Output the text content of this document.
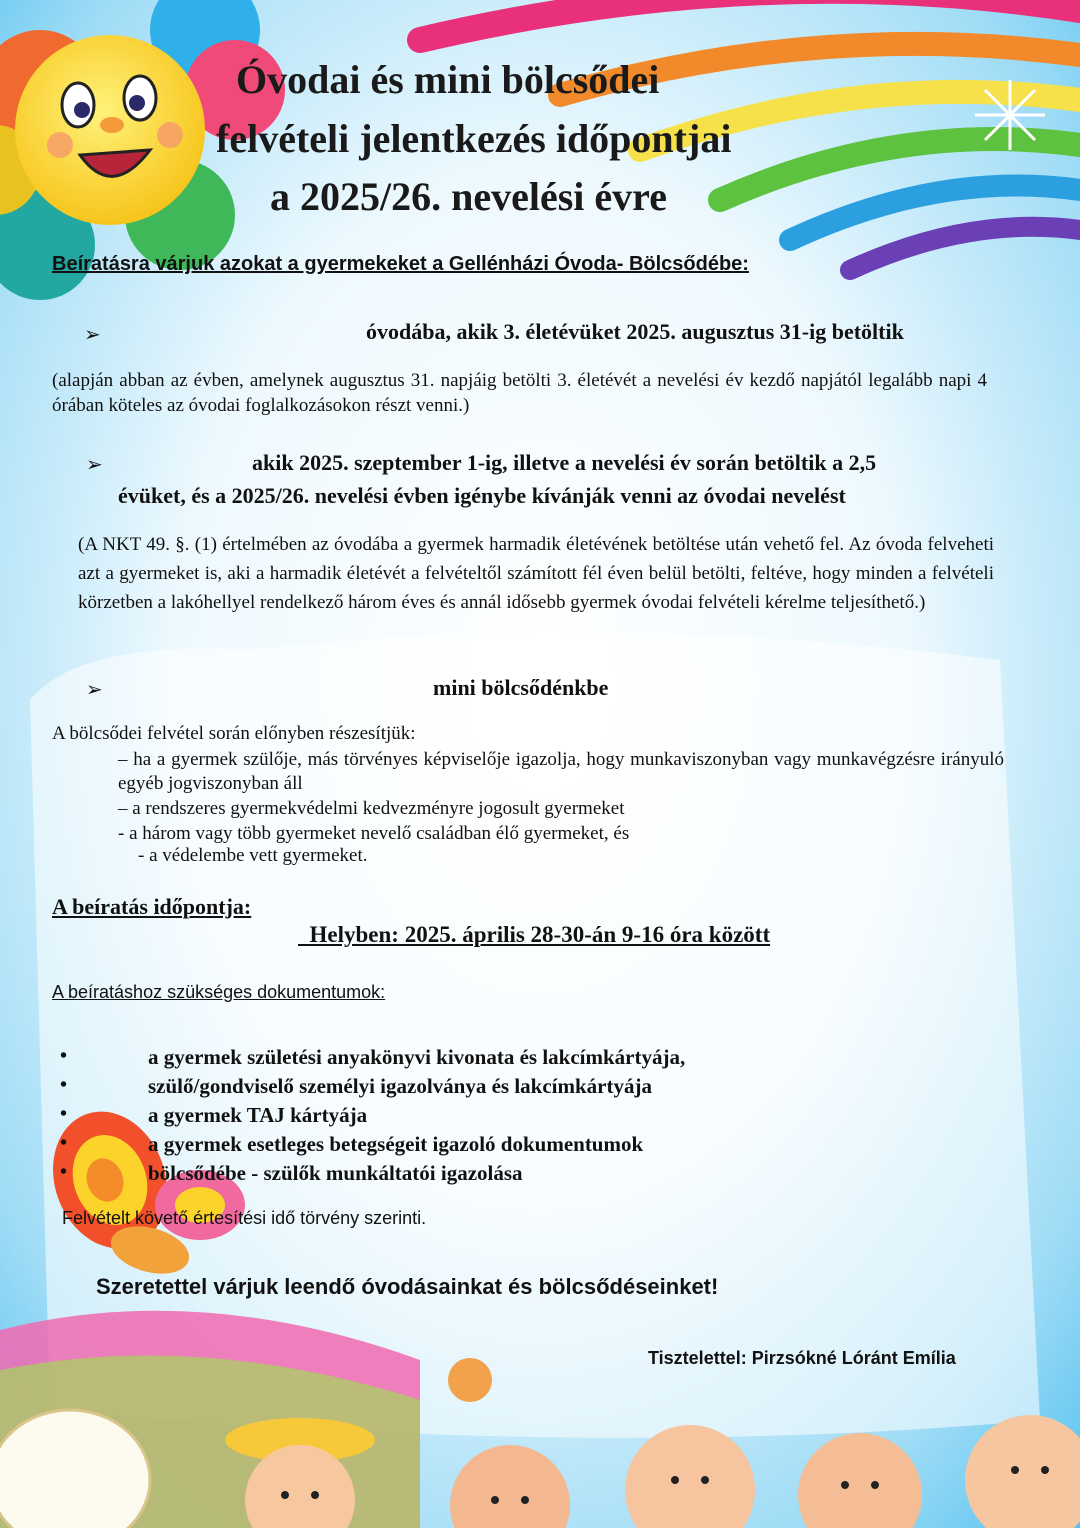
Óvodai és mini bölcsődei
felvételi jelentkezés időpontjai
a 2025/26. nevelési évre
Beíratásra várjuk azokat a gyermekeket a Gellénházi Óvoda- Bölcsődébe:
➢	óvodába, akik 3. életévüket 2025. augusztus 31-ig betöltik
(alapján abban az évben, amelynek augusztus 31. napjáig betölti 3. életévét a nevelési év kezdő napjától legalább napi 4 órában köteles az óvodai foglalkozásokon részt venni.)
➢	akik 2025. szeptember 1-ig, illetve a nevelési év során betöltik a 2,5
évüket, és a 2025/26. nevelési évben igénybe kívánják venni az óvodai nevelést
(A NKT 49. §. (1) értelmében az óvodába a gyermek harmadik életévének betöltése után vehető fel. Az óvoda felveheti azt a gyermeket is, aki a harmadik életévét a felvételtől számított fél éven belül betölti, feltéve, hogy minden a felvételi körzetben a lakóhellyel rendelkező három éves és annál idősebb gyermek óvodai felvételi kérelme teljesíthető.)
➢	mini bölcsődénkbe
A bölcsődei felvétel során előnyben részesítjük:
– ha a gyermek szülője, más törvényes képviselője igazolja, hogy munkaviszonyban vagy munkavégzésre irányuló egyéb jogviszonyban áll
– a rendszeres gyermekvédelmi kedvezményre jogosult gyermeket
- a három vagy több gyermeket nevelő családban élő gyermeket, és
- a védelembe vett gyermeket.
A beíratás időpontja:
Helyben: 2025. április 28-30-án 9-16 óra között
A beíratáshoz szükséges dokumentumok:
•	a gyermek születési anyakönyvi kivonata és lakcímkártyája,
•	szülő/gondviselő személyi igazolványa és lakcímkártyája
•	a gyermek TAJ kártyája
•	a gyermek esetleges betegségeit igazoló dokumentumok
•	bölcsődébe - szülők munkáltatói igazolása
Felvételt követő értesítési idő törvény szerinti.
Szeretettel várjuk leendő óvodásainkat és bölcsődéseinket!
Tisztelettel: Pirzsókné Lóránt Emília
